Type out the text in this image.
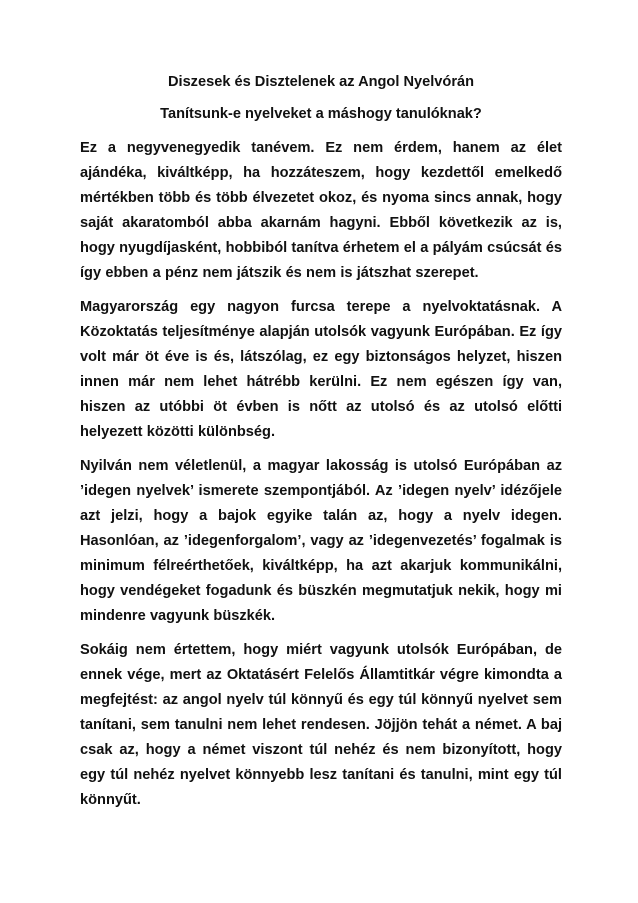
Diszesek és Disztelenek az Angol Nyelvórán
Tanítsunk-e nyelveket a máshogy tanulóknak?

Ez a negyvenegyedik tanévem. Ez nem érdem, hanem az élet ajándéka, kiváltképp, ha hozzáteszem, hogy kezdettől emelkedő mértékben több és több élvezetet okoz, és nyoma sincs annak, hogy saját akaratomból abba akarnám hagyni. Ebből következik az is, hogy nyugdíjasként, hobbiból tanítva érhetem el a pályám csúcsát és így ebben a pénz nem játszik és nem is játszhat szerepet.

Magyarország egy nagyon furcsa terepe a nyelvoktatásnak. A Közoktatás teljesítménye alapján utolsók vagyunk Európában. Ez így volt már öt éve is és, látszólag, ez egy biztonságos helyzet, hiszen innen már nem lehet hátrébb kerülni. Ez nem egészen így van, hiszen az utóbbi öt évben is nőtt az utolsó és az utolsó előtti helyezett közötti különbség.

Nyilván nem véletlenül, a magyar lakosság is utolsó Európában az ’idegen nyelvek’ ismerete szempontjából. Az ’idegen nyelv’ idézőjele azt jelzi, hogy a bajok egyike talán az, hogy a nyelv idegen. Hasonlóan, az ’idegenforgalom’, vagy az ’idegenvezetés’ fogalmak is minimum félreérthetőek, kiváltképp, ha azt akarjuk kommunikálni, hogy vendégeket fogadunk és büszkén megmutatjuk nekik, hogy mi mindenre vagyunk büszkék.

Sokáig nem értettem, hogy miért vagyunk utolsók Európában, de ennek vége, mert az Oktatásért Felelős Államtitkár végre kimondta a megfejtést: az angol nyelv túl könnyű és egy túl könnyű nyelvet sem tanítani, sem tanulni nem lehet rendesen. Jöjjön tehát a német. A baj csak az, hogy a német viszont túl nehéz és nem bizonyított, hogy egy túl nehéz nyelvet könnyebb lesz tanítani és tanulni, mint egy túl könnyűt.
